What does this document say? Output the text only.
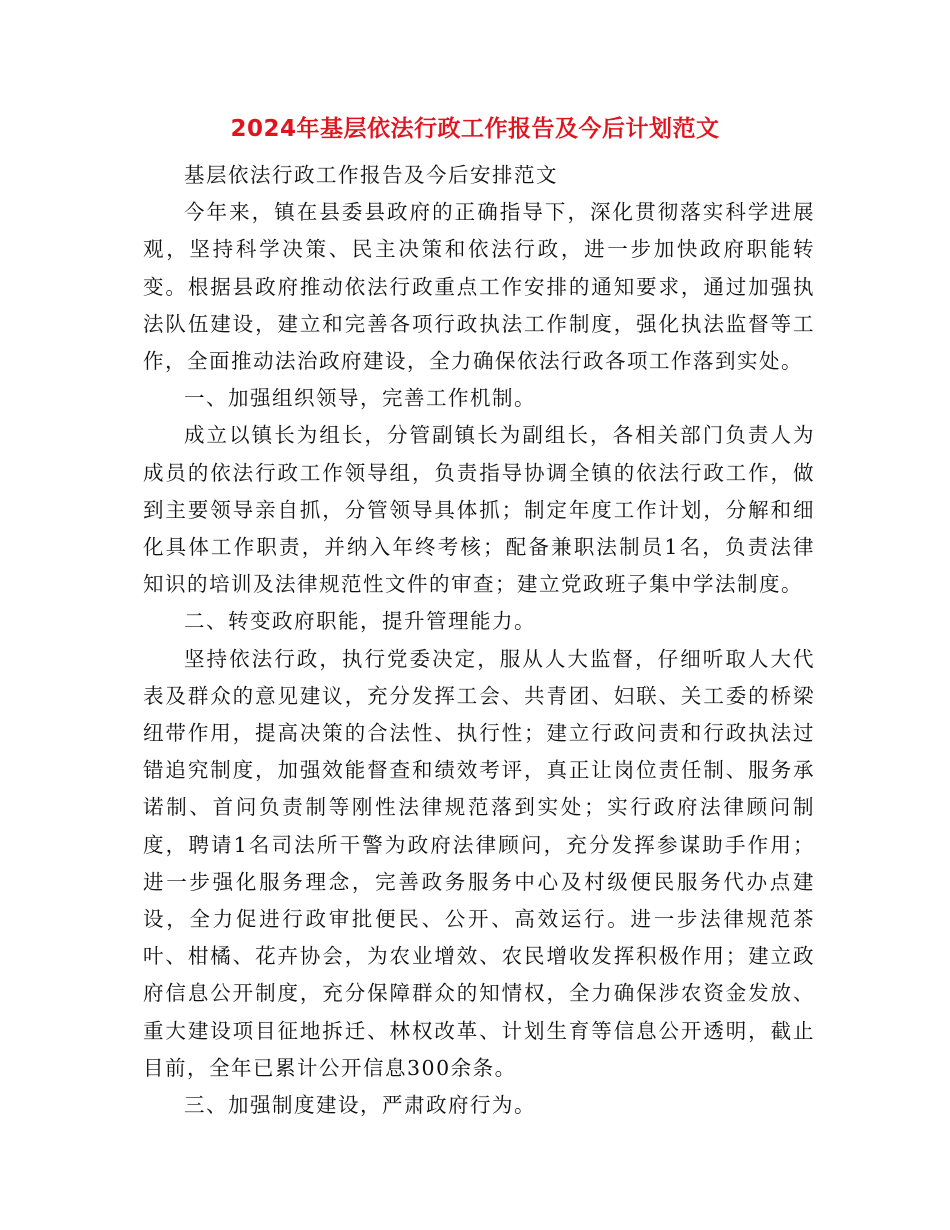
2024年基层依法行政工作报告及今后计划范文

基层依法行政工作报告及今后安排范文

今年来，镇在县委县政府的正确指导下，深化贯彻落实科学进展观，坚持科学决策、民主决策和依法行政，进一步加快政府职能转变。根据县政府推动依法行政重点工作安排的通知要求，通过加强执法队伍建设，建立和完善各项行政执法工作制度，强化执法监督等工作，全面推动法治政府建设，全力确保依法行政各项工作落到实处。

一、加强组织领导，完善工作机制。

成立以镇长为组长，分管副镇长为副组长，各相关部门负责人为成员的依法行政工作领导组，负责指导协调全镇的依法行政工作，做到主要领导亲自抓，分管领导具体抓；制定年度工作计划，分解和细化具体工作职责，并纳入年终考核；配备兼职法制员1名，负责法律知识的培训及法律规范性文件的审查；建立党政班子集中学法制度。

二、转变政府职能，提升管理能力。

坚持依法行政，执行党委决定，服从人大监督，仔细听取人大代表及群众的意见建议，充分发挥工会、共青团、妇联、关工委的桥梁纽带作用，提高决策的合法性、执行性；建立行政问责和行政执法过错追究制度，加强效能督查和绩效考评，真正让岗位责任制、服务承诺制、首问负责制等刚性法律规范落到实处；实行政府法律顾问制度，聘请1名司法所干警为政府法律顾问，充分发挥参谋助手作用；进一步强化服务理念，完善政务服务中心及村级便民服务代办点建设，全力促进行政审批便民、公开、高效运行。进一步法律规范茶叶、柑橘、花卉协会，为农业增效、农民增收发挥积极作用；建立政府信息公开制度，充分保障群众的知情权，全力确保涉农资金发放、重大建设项目征地拆迁、林权改革、计划生育等信息公开透明，截止目前，全年已累计公开信息300余条。

三、加强制度建设，严肃政府行为。
